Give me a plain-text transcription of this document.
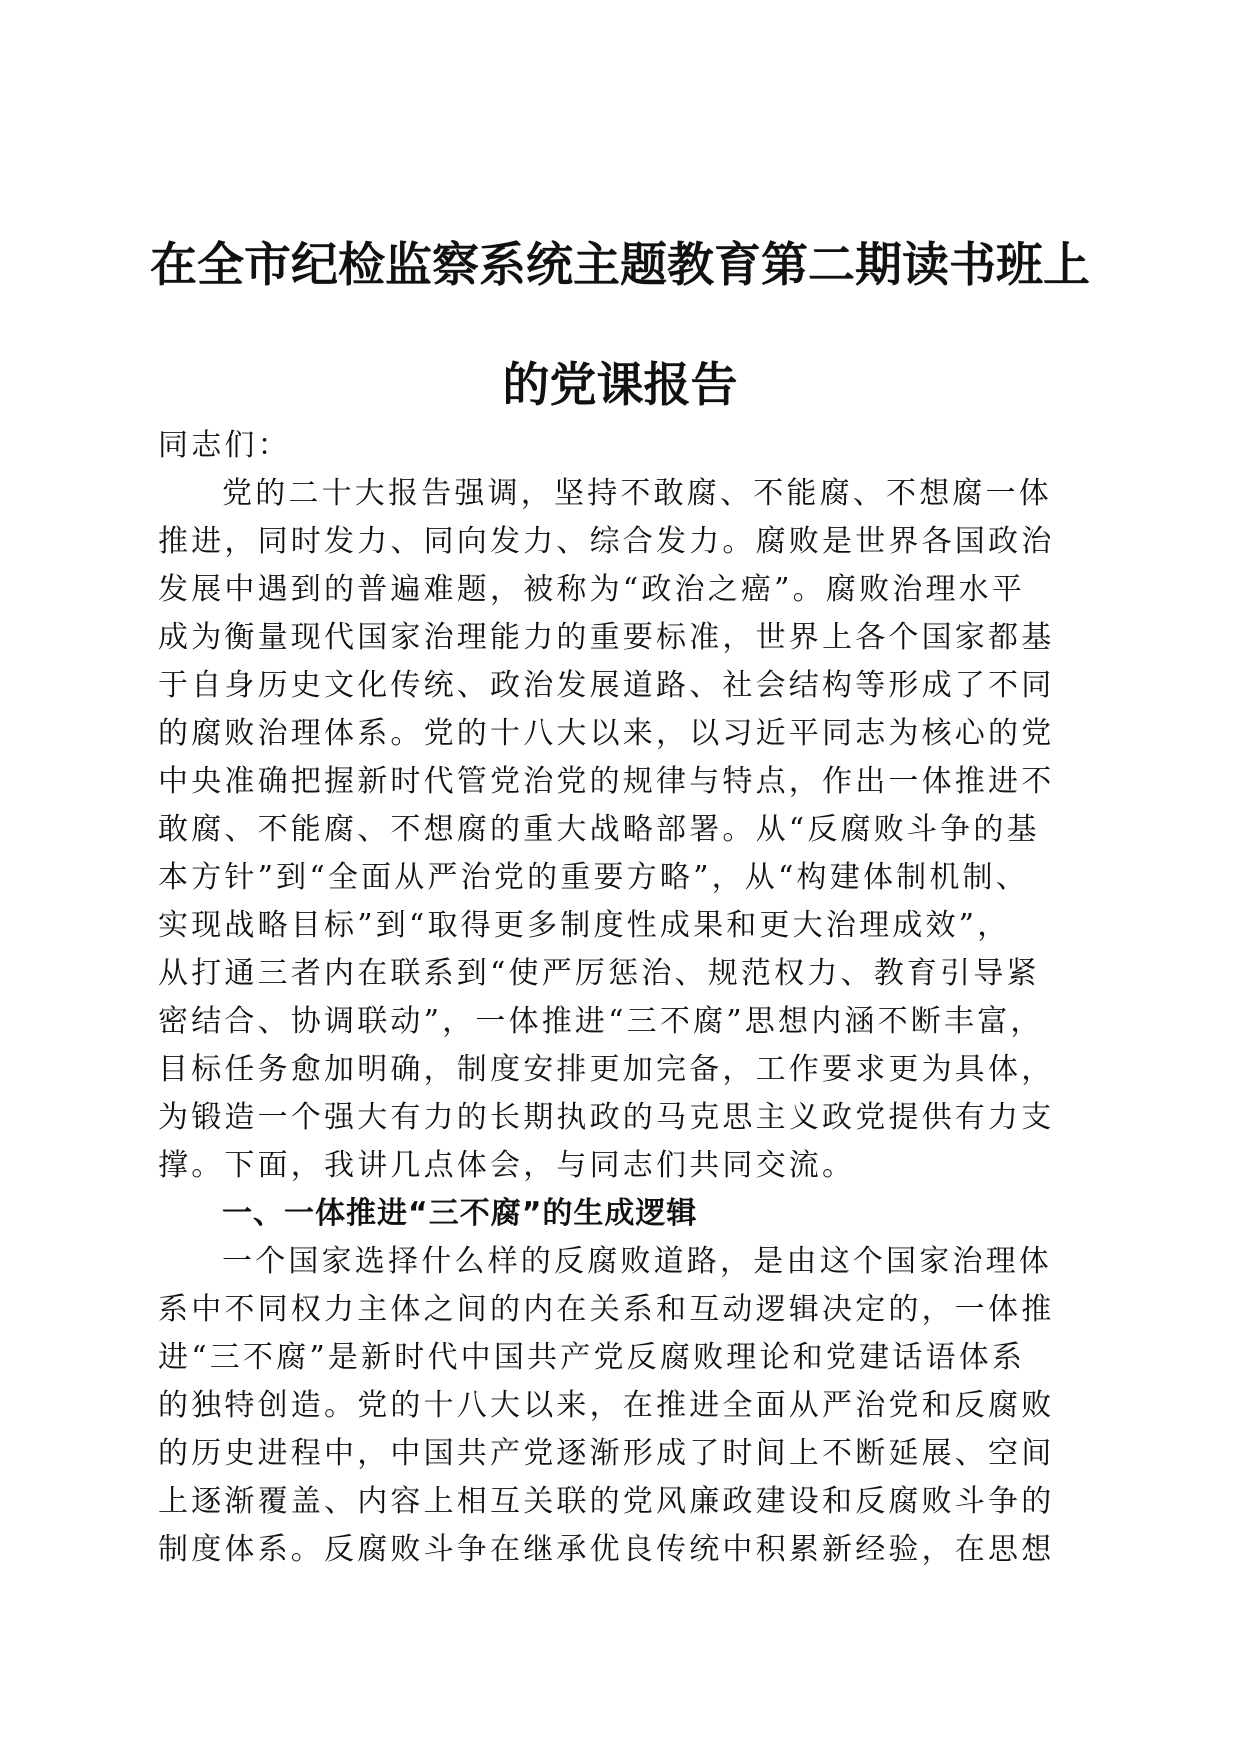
在全市纪检监察系统主题教育第二期读书班上
的党课报告

同志们：

党的二十大报告强调，坚持不敢腐、不能腐、不想腐一体

推进，同时发力、同向发力、综合发力。腐败是世界各国政治

发展中遇到的普遍难题，被称为“政治之癌”。腐败治理水平

成为衡量现代国家治理能力的重要标准，世界上各个国家都基

于自身历史文化传统、政治发展道路、社会结构等形成了不同

的腐败治理体系。党的十八大以来，以习近平同志为核心的党

中央准确把握新时代管党治党的规律与特点，作出一体推进不

敢腐、不能腐、不想腐的重大战略部署。从“反腐败斗争的基

本方针”到“全面从严治党的重要方略”，从“构建体制机制、

实现战略目标”到“取得更多制度性成果和更大治理成效”，

从打通三者内在联系到“使严厉惩治、规范权力、教育引导紧

密结合、协调联动”，一体推进“三不腐”思想内涵不断丰富，

目标任务愈加明确，制度安排更加完备，工作要求更为具体，

为锻造一个强大有力的长期执政的马克思主义政党提供有力支

撑。下面，我讲几点体会，与同志们共同交流。

一、一体推进“三不腐”的生成逻辑

一个国家选择什么样的反腐败道路，是由这个国家治理体

系中不同权力主体之间的内在关系和互动逻辑决定的，一体推

进“三不腐”是新时代中国共产党反腐败理论和党建话语体系

的独特创造。党的十八大以来，在推进全面从严治党和反腐败

的历史进程中，中国共产党逐渐形成了时间上不断延展、空间

上逐渐覆盖、内容上相互关联的党风廉政建设和反腐败斗争的

制度体系。反腐败斗争在继承优良传统中积累新经验，在思想
